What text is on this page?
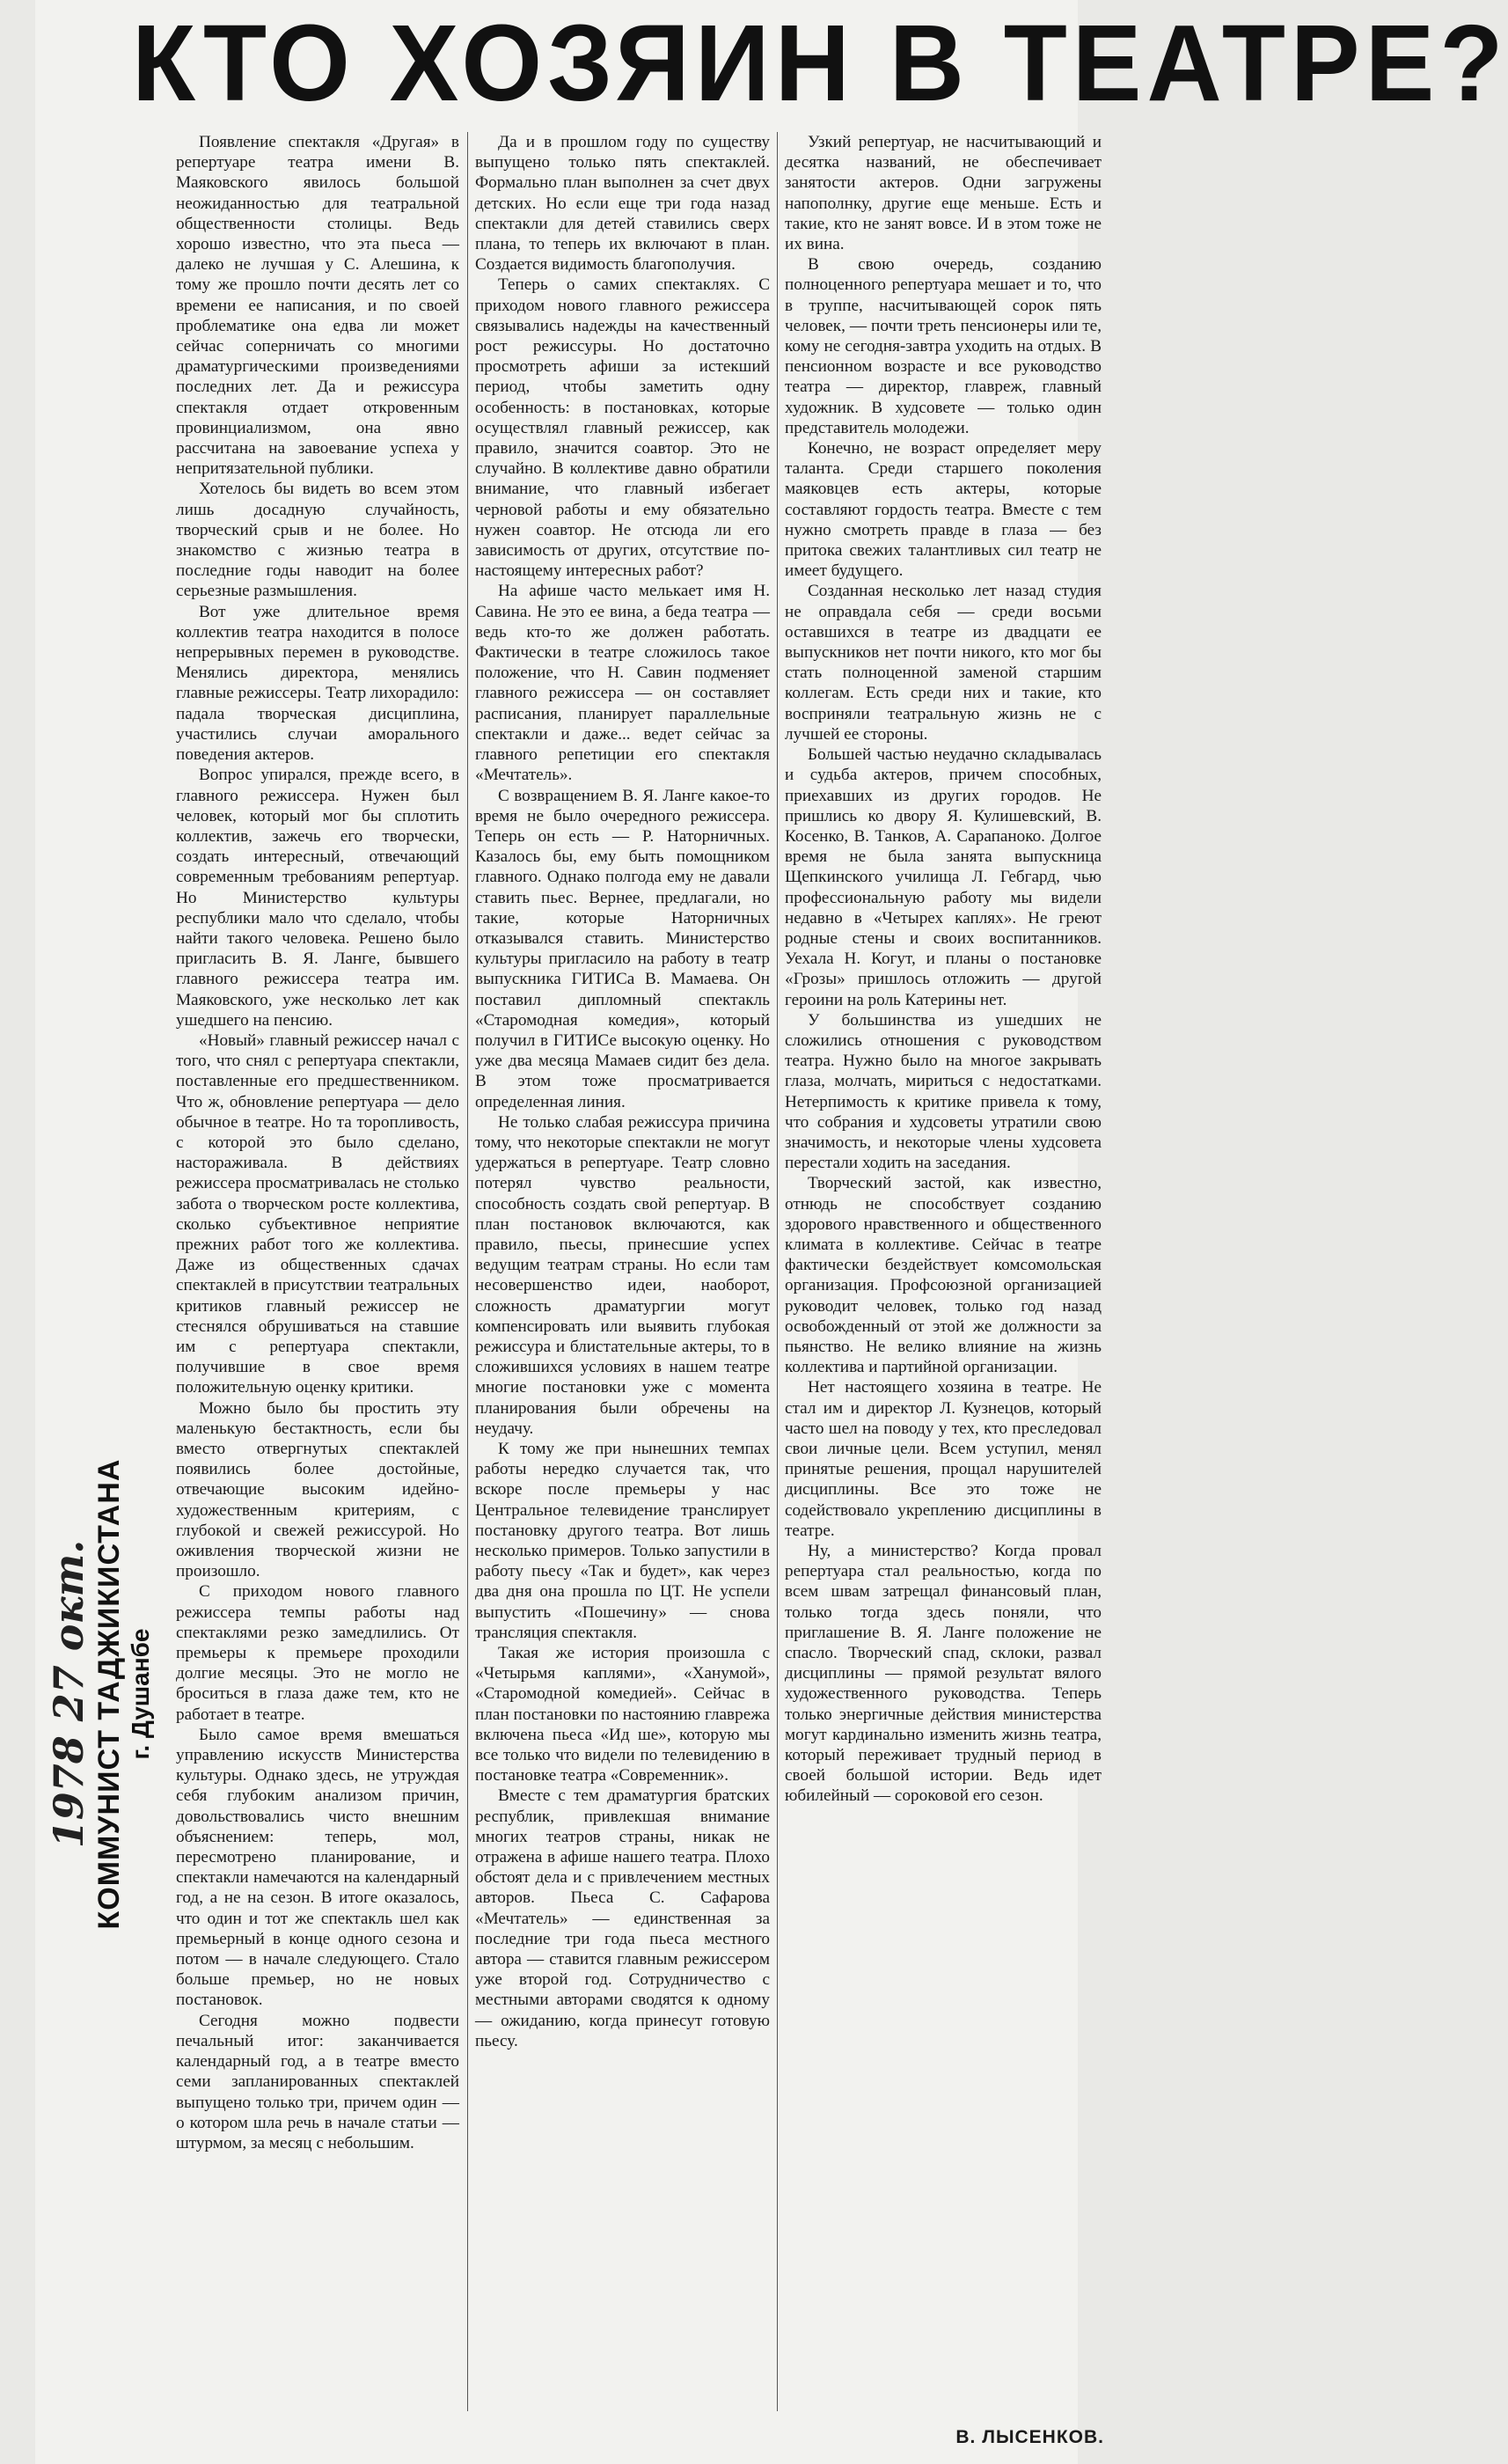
КТО ХОЗЯИН В ТЕАТРЕ?
1978 27 окт. КОММУНИСТ ТАДЖИКИСТАНА г. Душанбе

Появление спектакля «Другая» в репертуаре театра имени В. Маяковского явилось большой неожиданностью для театральной общественности столицы. Ведь хорошо известно, что эта пьеса — далеко не лучшая у С. Алешина, к тому же прошло почти десять лет со времени ее написания, и по своей проблематике она едва ли может сейчас соперничать со многими драматургическими произведениями последних лет. Да и режиссура спектакля отдает откровенным провинциализмом, она явно рассчитана на завоевание успеха у непритязательной публики.

Хотелось бы видеть во всем этом лишь досадную случайность, творческий срыв и не более. Но знакомство с жизнью театра в последние годы наводит на более серьезные размышления.

Вот уже длительное время коллектив театра находится в полосе непрерывных перемен в руководстве. Менялись директора, менялись главные режиссеры. Театр лихорадило: падала творческая дисциплина, участились случаи аморального поведения актеров.

Вопрос упирался, прежде всего, в главного режиссера. Нужен был человек, который мог бы сплотить коллектив, зажечь его творчески, создать интересный, отвечающий современным требованиям репертуар. Но Министерство культуры республики мало что сделало, чтобы найти такого человека. Решено было пригласить В. Я. Ланге, бывшего главного режиссера театра им. Маяковского, уже несколько лет как ушедшего на пенсию.

«Новый» главный режиссер начал с того, что снял с репертуара спектакли, поставленные его предшественником. Что ж, обновление репертуара — дело обычное в театре. Но та торопливость, с которой это было сделано, настораживала. В действиях режиссера просматривалась не столько забота о творческом росте коллектива, сколько субъективное неприятие прежних работ того же коллектива. Даже из общественных сдачах спектаклей в присутствии театральных критиков главный режиссер не стеснялся обрушиваться на ставшие им с репертуара спектакли, получившие в свое время положительную оценку критики.

Можно было бы простить эту маленькую бестактность, если бы вместо отвергнутых спектаклей появились более достойные, отвечающие высоким идейно-художественным критериям, с глубокой и свежей режиссурой. Но оживления творческой жизни не произошло.

С приходом нового главного режиссера темпы работы над спектаклями резко замедлились. От премьеры к премьере проходили долгие месяцы. Это не могло не броситься в глаза даже тем, кто не работает в театре.

Было самое время вмешаться управлению искусств Министерства культуры. Однако здесь, не утруждая себя глубоким анализом причин, довольствовались чисто внешним объяснением: теперь, мол, пересмотрено планирование, и спектакли намечаются на календарный год, а не на сезон. В итоге оказалось, что один и тот же спектакль шел как премьерный в конце одного сезона и потом — в начале следующего. Стало больше премьер, но не новых постановок.

Сегодня можно подвести печальный итог: заканчивается календарный год, а в театре вместо семи запланированных спектаклей выпущено только три, причем один — о котором шла речь в начале статьи — штурмом, за месяц с небольшим.

Да и в прошлом году по существу выпущено только пять спектаклей. Формально план выполнен за счет двух детских. Но если еще три года назад спектакли для детей ставились сверх плана, то теперь их включают в план. Создается видимость благополучия.

Теперь о самих спектаклях. С приходом нового главного режиссера связывались надежды на качественный рост режиссуры. Но достаточно просмотреть афиши за истекший период, чтобы заметить одну особенность: в постановках, которые осуществлял главный режиссер, как правило, значится соавтор. Это не случайно. В коллективе давно обратили внимание, что главный избегает черновой работы и ему обязательно нужен соавтор. Не отсюда ли его зависимость от других, отсутствие по-настоящему интересных работ?

На афише часто мелькает имя Н. Савина. Не это ее вина, а беда театра — ведь кто-то же должен работать. Фактически в театре сложилось такое положение, что Н. Савин подменяет главного режиссера — он составляет расписания, планирует параллельные спектакли и даже... ведет сейчас за главного репетиции его спектакля «Мечтатель».

С возвращением В. Я. Ланге какое-то время не было очередного режиссера. Теперь он есть — Р. Наторничных. Казалось бы, ему быть помощником главного. Однако полгода ему не давали ставить пьес. Вернее, предлагали, но такие, которые Наторничных отказывался ставить. Министерство культуры пригласило на работу в театр выпускника ГИТИСа В. Мамаева. Он поставил дипломный спектакль «Старомодная комедия», который получил в ГИТИСе высокую оценку. Но уже два месяца Мамаев сидит без дела. В этом тоже просматривается определенная линия.

Не только слабая режиссура причина тому, что некоторые спектакли не могут удержаться в репертуаре. Театр словно потерял чувство реальности, способность создать свой репертуар. В план постановок включаются, как правило, пьесы, принесшие успех ведущим театрам страны. Но если там несовершенство идеи, наоборот, сложность драматургии могут компенсировать или выявить глубокая режиссура и блистательные актеры, то в сложившихся условиях в нашем театре многие постановки уже с момента планирования были обречены на неудачу.

К тому же при нынешних темпах работы нередко случается так, что вскоре после премьеры у нас Центральное телевидение транслирует постановку другого театра. Вот лишь несколько примеров. Только запустили в работу пьесу «Так и будет», как через два дня она прошла по ЦТ. Не успели выпустить «Пошечину» — снова трансляция спектакля.

Такая же история произошла с «Четырьмя каплями», «Ханумой», «Старомодной комедией». Сейчас в план постановки по настоянию главрежа включена пьеса «Ид ше», которую мы все только что видели по телевидению в постановке театра «Современник».

Вместе с тем драматургия братских республик, привлекшая внимание многих театров страны, никак не отражена в афише нашего театра. Плохо обстоят дела и с привлечением местных авторов. Пьеса С. Сафарова «Мечтатель» — единственная за последние три года пьеса местного автора — ставится главным режиссером уже второй год. Сотрудничество с местными авторами сводятся к одному — ожиданию, когда принесут готовую пьесу.

Узкий репертуар, не насчитывающий и десятка названий, не обеспечивает занятости актеров. Одни загружены напополнку, другие еще меньше. Есть и такие, кто не занят вовсе. И в этом тоже не их вина.

В свою очередь, созданию полноценного репертуара мешает и то, что в труппе, насчитывающей сорок пять человек, — почти треть пенсионеры или те, кому не сегодня-завтра уходить на отдых. В пенсионном возрасте и все руководство театра — директор, главреж, главный художник. В худсовете — только один представитель молодежи.

Конечно, не возраст определяет меру таланта. Среди старшего поколения маяковцев есть актеры, которые составляют гордость театра. Вместе с тем нужно смотреть правде в глаза — без притока свежих талантливых сил театр не имеет будущего.

Созданная несколько лет назад студия не оправдала себя — среди восьми оставшихся в театре из двадцати ее выпускников нет почти никого, кто мог бы стать полноценной заменой старшим коллегам. Есть среди них и такие, кто восприняли театральную жизнь не с лучшей ее стороны.

Большей частью неудачно складывалась и судьба актеров, причем способных, приехавших из других городов. Не пришлись ко двору Я. Кулишевский, В. Косенко, В. Танков, А. Сарапаноко. Долгое время не была занята выпускница Щепкинского училища Л. Гебгард, чью профессиональную работу мы видели недавно в «Четырех каплях». Не греют родные стены и своих воспитанников. Уехала Н. Когут, и планы о постановке «Грозы» пришлось отложить — другой героини на роль Катерины нет.

У большинства из ушедших не сложились отношения с руководством театра. Нужно было на многое закрывать глаза, молчать, мириться с недостатками. Нетерпимость к критике привела к тому, что собрания и худсоветы утратили свою значимость, и некоторые члены худсовета перестали ходить на заседания.

Творческий застой, как известно, отнюдь не способствует созданию здорового нравственного и общественного климата в коллективе. Сейчас в театре фактически бездействует комсомольская организация. Профсоюзной организацией руководит человек, только год назад освобожденный от этой же должности за пьянство. Не велико влияние на жизнь коллектива и партийной организации.

Нет настоящего хозяина в театре. Не стал им и директор Л. Кузнецов, который часто шел на поводу у тех, кто преследовал свои личные цели. Всем уступил, менял принятые решения, прощал нарушителей дисциплины. Все это тоже не содействовало укреплению дисциплины в театре.

Ну, а министерство? Когда провал репертуара стал реальностью, когда по всем швам затрещал финансовый план, только тогда здесь поняли, что приглашение В. Я. Ланге положение не спасло. Творческий спад, склоки, развал дисциплины — прямой результат вялого художественного руководства. Теперь только энергичные действия министерства могут кардинально изменить жизнь театра, который переживает трудный период в своей большой истории. Ведь идет юбилейный — сороковой его сезон.

В. ЛЫСЕНКОВ.
